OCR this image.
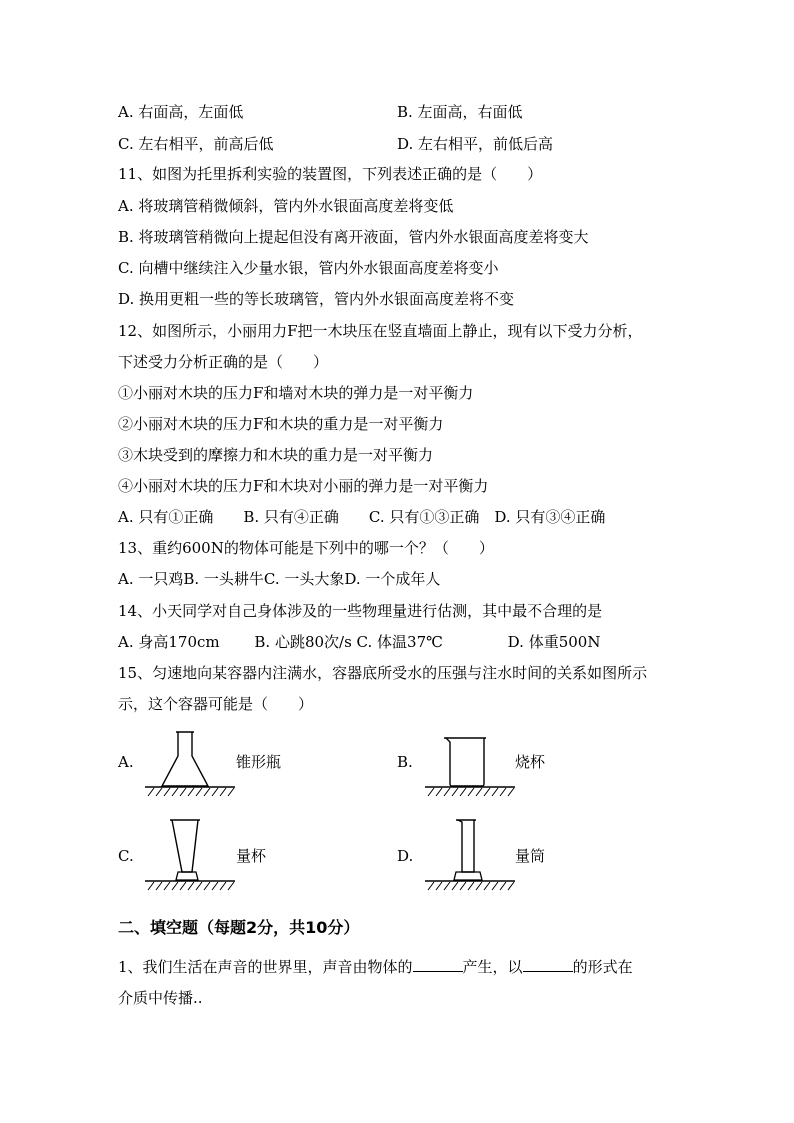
A. 右面高，左面低	B. 左面高，右面低
C. 左右相平，前高后低	D. 左右相平，前低后高
11、如图为托里拆利实验的装置图，下列表述正确的是（　　）
A. 将玻璃管稍微倾斜，管内外水银面高度差将变低
B. 将玻璃管稍微向上提起但没有离开液面，管内外水银面高度差将变大
C. 向槽中继续注入少量水银，管内外水银面高度差将变小
D. 换用更粗一些的等长玻璃管，管内外水银面高度差将不变
12、如图所示，小丽用力F把一木块压在竖直墙面上静止，现有以下受力分析，
下述受力分析正确的是（　　）
①小丽对木块的压力F和墙对木块的弹力是一对平衡力
②小丽对木块的压力F和木块的重力是一对平衡力
③木块受到的摩擦力和木块的重力是一对平衡力
④小丽对木块的压力F和木块对小丽的弹力是一对平衡力
A. 只有①正确　　B. 只有④正确　　C. 只有①③正确　D. 只有③④正确
13、重约600N的物体可能是下列中的哪一个？（　　）
A. 一只鸡B. 一头耕牛C. 一头大象D. 一个成年人
14、小天同学对自己身体涉及的一些物理量进行估测，其中最不合理的是
A. 身高170cm　　 B. 心跳80次/s C. 体温37℃　　　　 D. 体重500N
15、匀速地向某容器内注满水，容器底所受水的压强与注水时间的关系如图所示
示，这个容器可能是（　　）
A.	锥形瓶	B.	烧杯
C.	量杯	D.	量筒
二、填空题（每题2分，共10分）
1、我们生活在声音的世界里，声音由物体的	产生，以	的形式在
介质中传播..
